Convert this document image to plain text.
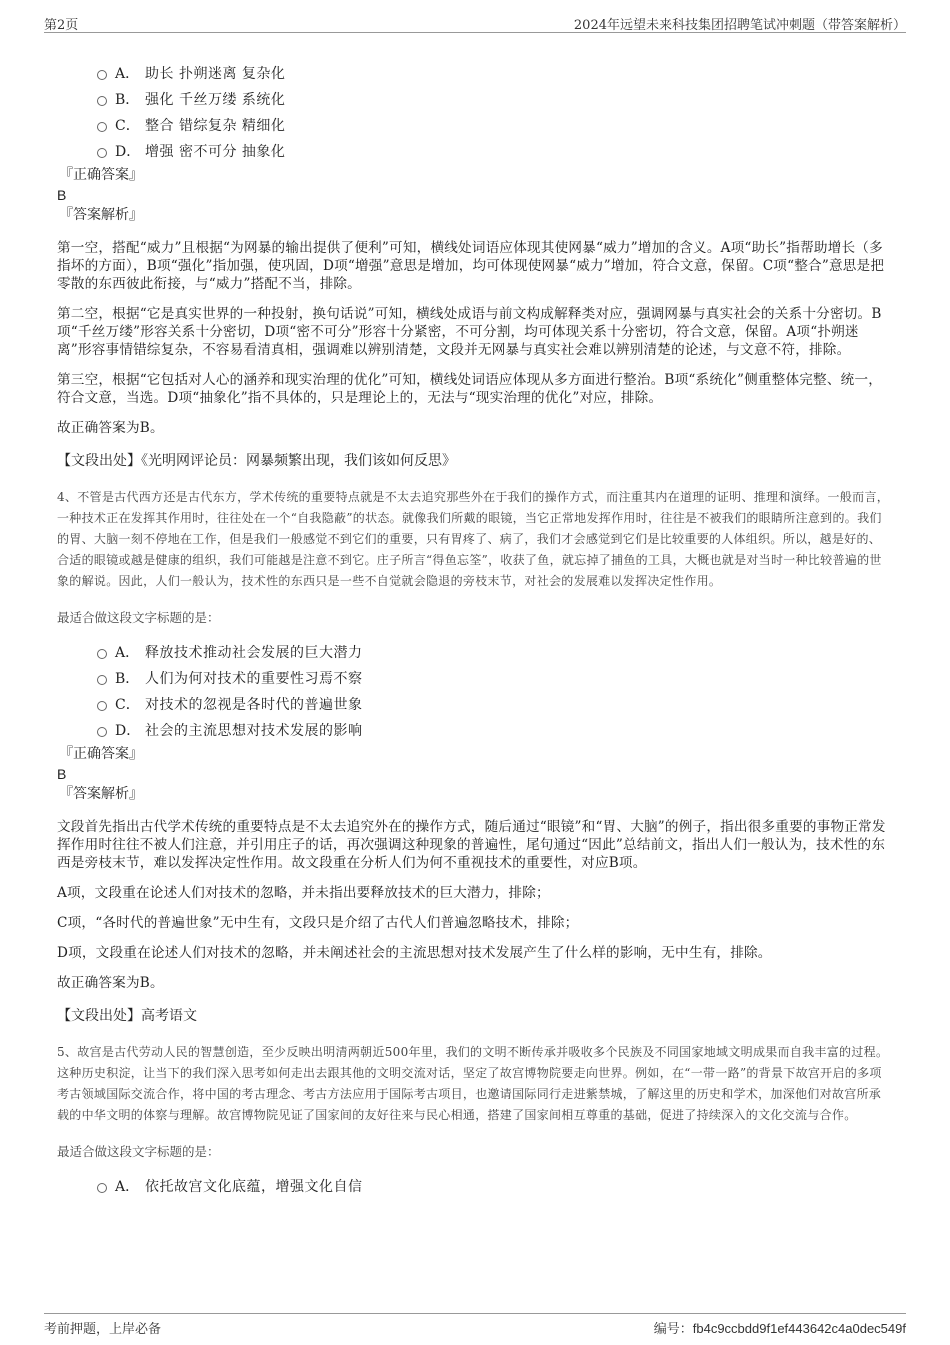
第2页	2024年远望未来科技集团招聘笔试冲刺题（带答案解析）
A． 助长 扑朔迷离 复杂化
B． 强化 千丝万缕 系统化
C． 整合 错综复杂 精细化
D． 增强 密不可分 抽象化
『正确答案』
B
『答案解析』

第一空，搭配“威力”且根据“为网暴的输出提供了便利”可知，横线处词语应体现其使网暴“威力”增加的含义。A项“助长”指帮助增长（多指坏的方面），B项“强化”指加强，使巩固，D项“增强”意思是增加，均可体现使网暴“威力”增加，符合文意，保留。C项“整合”意思是把零散的东西彼此衔接，与“威力”搭配不当，排除。

第二空，根据“它是真实世界的一种投射，换句话说”可知，横线处成语与前文构成解释类对应，强调网暴与真实社会的关系十分密切。B项“千丝万缕”形容关系十分密切，D项“密不可分”形容十分紧密，不可分割，均可体现关系十分密切，符合文意，保留。A项“扑朔迷离”形容事情错综复杂，不容易看清真相，强调难以辨别清楚，文段并无网暴与真实社会难以辨别清楚的论述，与文意不符，排除。

第三空，根据“它包括对人心的涵养和现实治理的优化”可知，横线处词语应体现从多方面进行整治。B项“系统化”侧重整体完整、统一，符合文意，当选。D项“抽象化”指不具体的，只是理论上的，无法与“现实治理的优化”对应，排除。

故正确答案为B。

【文段出处】《光明网评论员：网暴频繁出现，我们该如何反思》
4、不管是古代西方还是古代东方，学术传统的重要特点就是不太去追究那些外在于我们的操作方式，而注重其内在道理的证明、推理和演绎。一般而言，一种技术正在发挥其作用时，往往处在一个“自我隐蔽”的状态。就像我们所戴的眼镜，当它正常地发挥作用时，往往是不被我们的眼睛所注意到的。我们的胃、大脑一刻不停地在工作，但是我们一般感觉不到它们的重要，只有胃疼了、病了，我们才会感觉到它们是比较重要的人体组织。所以，越是好的、合适的眼镜或越是健康的组织，我们可能越是注意不到它。庄子所言“得鱼忘筌”，收获了鱼，就忘掉了捕鱼的工具，大概也就是对当时一种比较普遍的世象的解说。因此，人们一般认为，技术性的东西只是一些不自觉就会隐退的旁枝末节，对社会的发展难以发挥决定性作用。
最适合做这段文字标题的是：
A． 释放技术推动社会发展的巨大潜力
B． 人们为何对技术的重要性习焉不察
C． 对技术的忽视是各时代的普遍世象
D． 社会的主流思想对技术发展的影响
『正确答案』
B
『答案解析』

文段首先指出古代学术传统的重要特点是不太去追究外在的操作方式，随后通过“眼镜”和“胃、大脑”的例子，指出很多重要的事物正常发挥作用时往往不被人们注意，并引用庄子的话，再次强调这种现象的普遍性，尾句通过“因此”总结前文，指出人们一般认为，技术性的东西是旁枝末节，难以发挥决定性作用。故文段重在分析人们为何不重视技术的重要性，对应B项。

A项，文段重在论述人们对技术的忽略，并未指出要释放技术的巨大潜力，排除；

C项，“各时代的普遍世象”无中生有，文段只是介绍了古代人们普遍忽略技术，排除；

D项，文段重在论述人们对技术的忽略，并未阐述社会的主流思想对技术发展产生了什么样的影响，无中生有，排除。

故正确答案为B。

【文段出处】高考语文
5、故宫是古代劳动人民的智慧创造，至少反映出明清两朝近500年里，我们的文明不断传承并吸收多个民族及不同国家地域文明成果而自我丰富的过程。这种历史积淀，让当下的我们深入思考如何走出去跟其他的文明交流对话，坚定了故宫博物院要走向世界。例如，在“一带一路”的背景下故宫开启的多项考古领域国际交流合作，将中国的考古理念、考古方法应用于国际考古项目，也邀请国际同行走进紫禁城，了解这里的历史和学术，加深他们对故宫所承载的中华文明的体察与理解。故宫博物院见证了国家间的友好往来与民心相通，搭建了国家间相互尊重的基础，促进了持续深入的文化交流与合作。
最适合做这段文字标题的是：
A． 依托故宫文化底蕴，增强文化自信
考前押题，上岸必备	编号：fb4c9ccbdd9f1ef443642c4a0dec549f
